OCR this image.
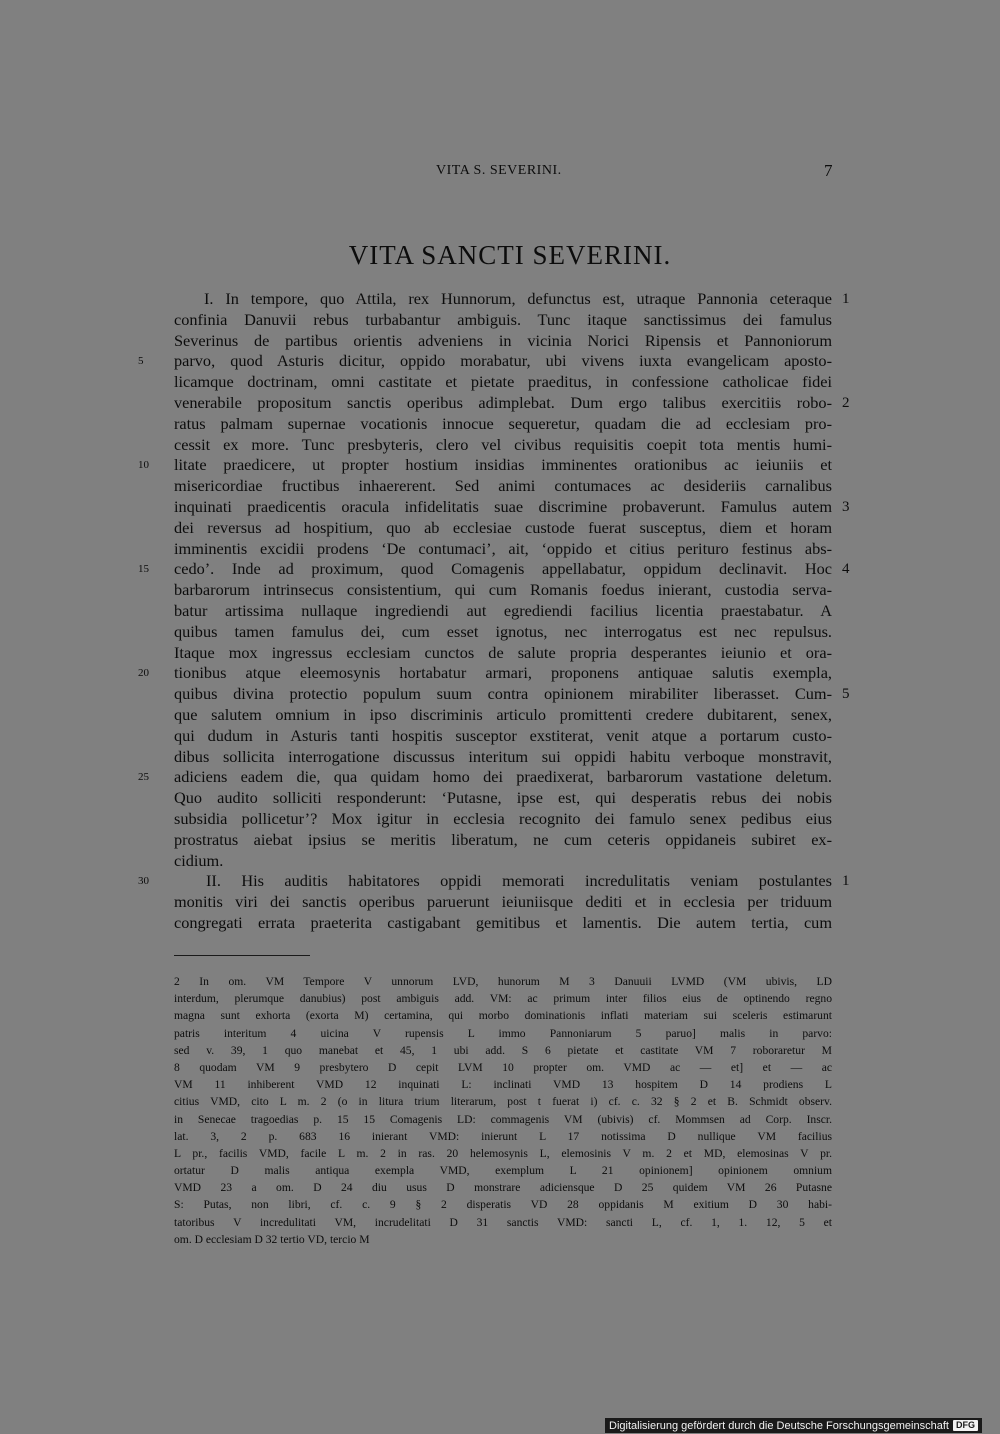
VITA S. SEVERINI.	7
VITA SANCTI SEVERINI.
I. In tempore, quo Attila, rex Hunnorum, defunctus est, utraque Pannonia ceteraque 1
confinia Danuvii rebus turbabantur ambiguis. Tunc itaque sanctissimus dei famulus
Severinus de partibus orientis adveniens in vicinia Norici Ripensis et Pannoniorum
5	parvo, quod Asturis dicitur, oppido morabatur, ubi vivens iuxta evangelicam aposto-
licamque doctrinam, omni castitate et pietate praeditus, in confessione catholicae fidei
venerabile propositum sanctis operibus adimplebat. Dum ergo talibus exercitiis robo- 2
ratus palmam supernae vocationis innocue sequeretur, quadam die ad ecclesiam pro-
cessit ex more. Tunc presbyteris, clero vel civibus requisitis coepit tota mentis humi-
10	litate praedicere, ut propter hostium insidias imminentes orationibus ac ieiuniis et
misericordiae fructibus inhaererent. Sed animi contumaces ac desideriis carnalibus
inquinati praedicentis oracula infidelitatis suae discrimine probaverunt. Famulus autem 3
dei reversus ad hospitium, quo ab ecclesiae custode fuerat susceptus, diem et horam
imminentis excidii prodens ‘De contumaci’, ait, ‘oppido et citius perituro festinus abs-
15	cedo’. Inde ad proximum, quod Comagenis appellabatur, oppidum declinavit. Hoc 4
barbarorum intrinsecus consistentium, qui cum Romanis foedus inierant, custodia serva-
batur artissima nullaque ingrediendi aut egrediendi facilius licentia praestabatur. A
quibus tamen famulus dei, cum esset ignotus, nec interrogatus est nec repulsus.
Itaque mox ingressus ecclesiam cunctos de salute propria desperantes ieiunio et ora-
20	tionibus atque eleemosynis hortabatur armari, proponens antiquae salutis exempla,
quibus divina protectio populum suum contra opinionem mirabiliter liberasset. Cum- 5
que salutem omnium in ipso discriminis articulo promittenti credere dubitarent, senex,
qui dudum in Asturis tanti hospitis susceptor exstiterat, venit atque a portarum custo-
dibus sollicita interrogatione discussus interitum sui oppidi habitu verboque monstravit,
25	adiciens eadem die, qua quidam homo dei praedixerat, barbarorum vastatione deletum.
Quo audito solliciti responderunt: ‘Putasne, ipse est, qui desperatis rebus dei nobis
subsidia pollicetur’? Mox igitur in ecclesia recognito dei famulo senex pedibus eius
prostratus aiebat ipsius se meritis liberatum, ne cum ceteris oppidaneis subiret ex-
cidium.
30	II. His auditis habitatores oppidi memorati incredulitatis veniam postulantes 1
monitis viri dei sanctis operibus paruerunt ieiuniisque dediti et in ecclesia per triduum
congregati errata praeterita castigabant gemitibus et lamentis. Die autem tertia, cum
2 In om. VM Tempore V unnorum LVD, hunorum M 3 Danuuii LVMD (VM ubivis, LD
interdum, plerumque danubius) post ambiguis add. VM: ac primum inter filios eius de optinendo regno
magna sunt exhorta (exorta M) certamina, qui morbo dominationis inflati materiam sui sceleris estimarunt
patris interitum 4 uicina V rupensis L immo Pannoniarum 5 paruo] malis in parvo:
sed v. 39, 1 quo manebat et 45, 1 ubi add. S 6 pietate et castitate VM 7 roboraretur M
8 quodam VM 9 presbytero D cepit LVM 10 propter om. VMD ac — et] et — ac
VM 11 inhiberent VMD 12 inquinati L: inclinati VMD 13 hospitem D 14 prodiens L
citius VMD, cito L m. 2 (o in litura trium literarum, post t fuerat i) cf. c. 32 § 2 et B. Schmidt observ.
in Senecae tragoedias p. 15 15 Comagenis LD: commagenis VM (ubivis) cf. Mommsen ad Corp. Inscr.
lat. 3, 2 p. 683 16 inierant VMD: inierunt L 17 notissima D nullique VM facilius
L pr., facilis VMD, facile L m. 2 in ras. 20 helemosynis L, elemosinis V m. 2 et MD, elemosinas V pr.
ortatur D malis antiqua exempla VMD, exemplum L 21 opinionem] opinionem omnium
VMD 23 a om. D 24 diu usus D monstrare adiciensque D 25 quidem VM 26 Putasne
S: Putas, non libri, cf. c. 9 § 2 disperatis VD 28 oppidanis M exitium D 30 habi-
tatoribus V incredulitati VM, incrudelitati D 31 sanctis VMD: sancti L, cf. 1, 1. 12, 5 et
om. D ecclesiam D 32 tertio VD, tercio M
Digitalisierung gefördert durch die Deutsche Forschungsgemeinschaft DFG
